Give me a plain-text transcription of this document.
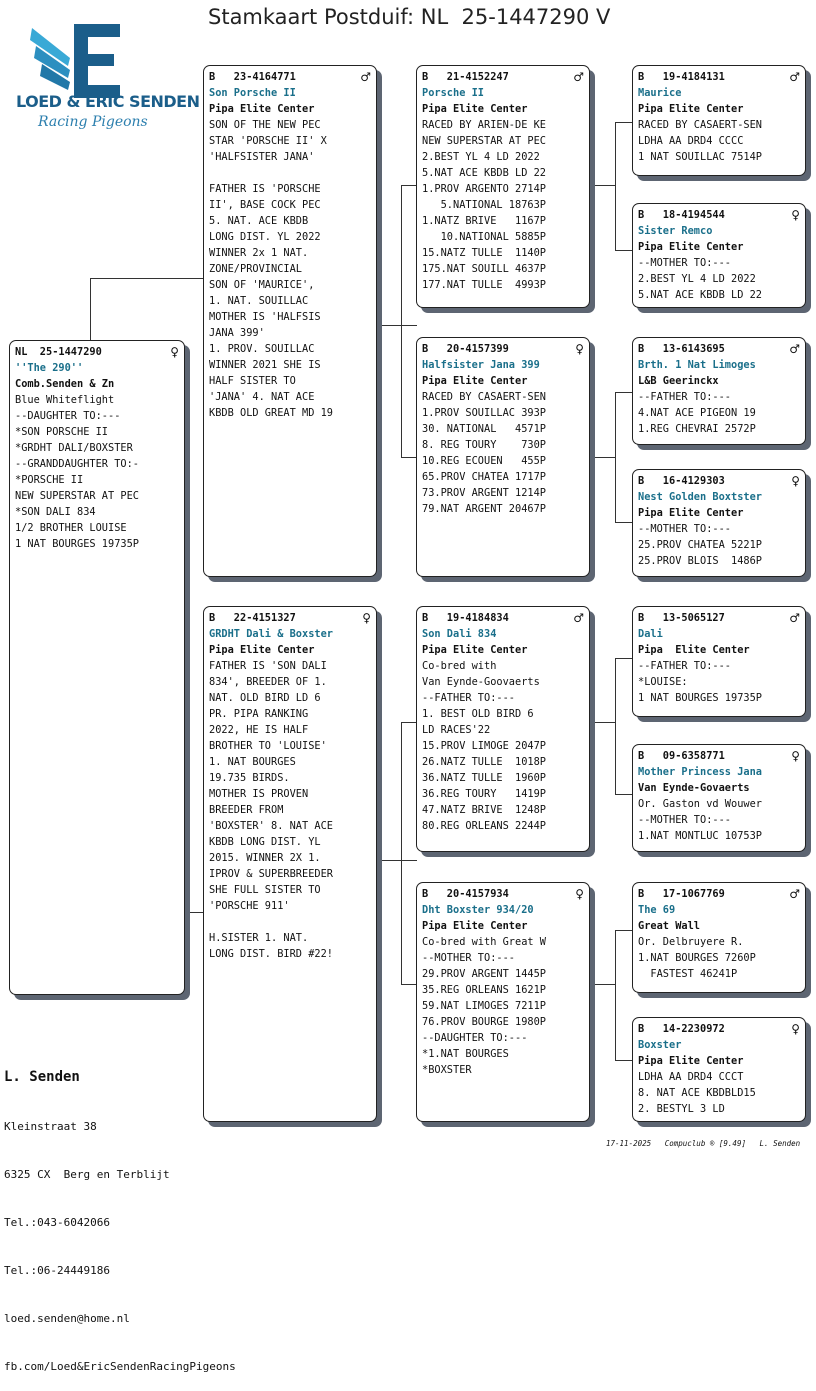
Stamkaart Postduif: NL  25-1447290 V
LOED & ERIC SENDEN
Racing Pigeons
NL  25-1447290	♀
''The 290''
Comb.Senden & Zn
Blue Whiteflight
--DAUGHTER TO:---
*SON PORSCHE II
*GRDHT DALI/BOXSTER
--GRANDDAUGHTER TO:-
*PORSCHE II
NEW SUPERSTAR AT PEC
*SON DALI 834
1/2 BROTHER LOUISE
1 NAT BOURGES 19735P
B   23-4164771	♂
Son Porsche II
Pipa Elite Center
SON OF THE NEW PEC
STAR 'PORSCHE II' X
'HALFSISTER JANA'

FATHER IS 'PORSCHE
II', BASE COCK PEC
5. NAT. ACE KBDB
LONG DIST. YL 2022
WINNER 2x 1 NAT.
ZONE/PROVINCIAL
SON OF 'MAURICE',
1. NAT. SOUILLAC
MOTHER IS 'HALFSIS
JANA 399'
1. PROV. SOUILLAC
WINNER 2021 SHE IS
HALF SISTER TO
'JANA' 4. NAT ACE
KBDB OLD GREAT MD 19
B   22-4151327	♀
GRDHT Dali & Boxster
Pipa Elite Center
FATHER IS 'SON DALI
834', BREEDER OF 1.
NAT. OLD BIRD LD 6
PR. PIPA RANKING
2022, HE IS HALF
BROTHER TO 'LOUISE'
1. NAT BOURGES
19.735 BIRDS.
MOTHER IS PROVEN
BREEDER FROM
'BOXSTER' 8. NAT ACE
KBDB LONG DIST. YL
2015. WINNER 2X 1.
IPROV & SUPERBREEDER
SHE FULL SISTER TO
'PORSCHE 911'

H.SISTER 1. NAT.
LONG DIST. BIRD #22!
B   21-4152247	♂
Porsche II
Pipa Elite Center
RACED BY ARIEN-DE KE
NEW SUPERSTAR AT PEC
2.BEST YL 4 LD 2022
5.NAT ACE KBDB LD 22
1.PROV ARGENTO 2714P
5.NATIONAL 18763P
1.NATZ BRIVE   1167P
10.NATIONAL 5885P
15.NATZ TULLE  1140P
175.NAT SOUILL 4637P
177.NAT TULLE  4993P
B   20-4157399	♀
Halfsister Jana 399
Pipa Elite Center
RACED BY CASAERT-SEN
1.PROV SOUILLAC 393P
30. NATIONAL   4571P
8. REG TOURY    730P
10.REG ECOUEN   455P
65.PROV CHATEA 1717P
73.PROV ARGENT 1214P
79.NAT ARGENT 20467P
B   19-4184834	♂
Son Dali 834
Pipa Elite Center
Co-bred with
Van Eynde-Goovaerts
--FATHER TO:---
1. BEST OLD BIRD 6
LD RACES'22
15.PROV LIMOGE 2047P
26.NATZ TULLE  1018P
36.NATZ TULLE  1960P
36.REG TOURY   1419P
47.NATZ BRIVE  1248P
80.REG ORLEANS 2244P
B   20-4157934	♀
Dht Boxster 934/20
Pipa Elite Center
Co-bred with Great W
--MOTHER TO:---
29.PROV ARGENT 1445P
35.REG ORLEANS 1621P
59.NAT LIMOGES 7211P
76.PROV BOURGE 1980P
--DAUGHTER TO:---
*1.NAT BOURGES
*BOXSTER
B   19-4184131	♂
Maurice
Pipa Elite Center
RACED BY CASAERT-SEN
LDHA AA DRD4 CCCC
1 NAT SOUILLAC 7514P
B   18-4194544	♀
Sister Remco
Pipa Elite Center
--MOTHER TO:---
2.BEST YL 4 LD 2022
5.NAT ACE KBDB LD 22
B   13-6143695	♂
Brth. 1 Nat Limoges
L&B Geerinckx
--FATHER TO:---
4.NAT ACE PIGEON 19
1.REG CHEVRAI 2572P
B   16-4129303	♀
Nest Golden Boxtster
Pipa Elite Center
--MOTHER TO:---
25.PROV CHATEA 5221P
25.PROV BLOIS  1486P
B   13-5065127	♂
Dali
Pipa  Elite Center
--FATHER TO:---
*LOUISE:
1 NAT BOURGES 19735P
B   09-6358771	♀
Mother Princess Jana
Van Eynde-Govaerts
Or. Gaston vd Wouwer
--MOTHER TO:---
1.NAT MONTLUC 10753P
B   17-1067769	♂
The 69
Great Wall
Or. Delbruyere R.
1.NAT BOURGES 7260P
FASTEST 46241P
B   14-2230972	♀
Boxster
Pipa Elite Center
LDHA AA DRD4 CCCT
8. NAT ACE KBDBLD15
2. BESTYL 3 LD

L. Senden

Kleinstraat 38

6325 CX  Berg en Terblijt

Tel.:043-6042066

Tel.:06-24449186

loed.senden@home.nl

fb.com/Loed&EricSendenRacingPigeons

17-11-2025   Compuclub ® [9.49]   L. Senden
